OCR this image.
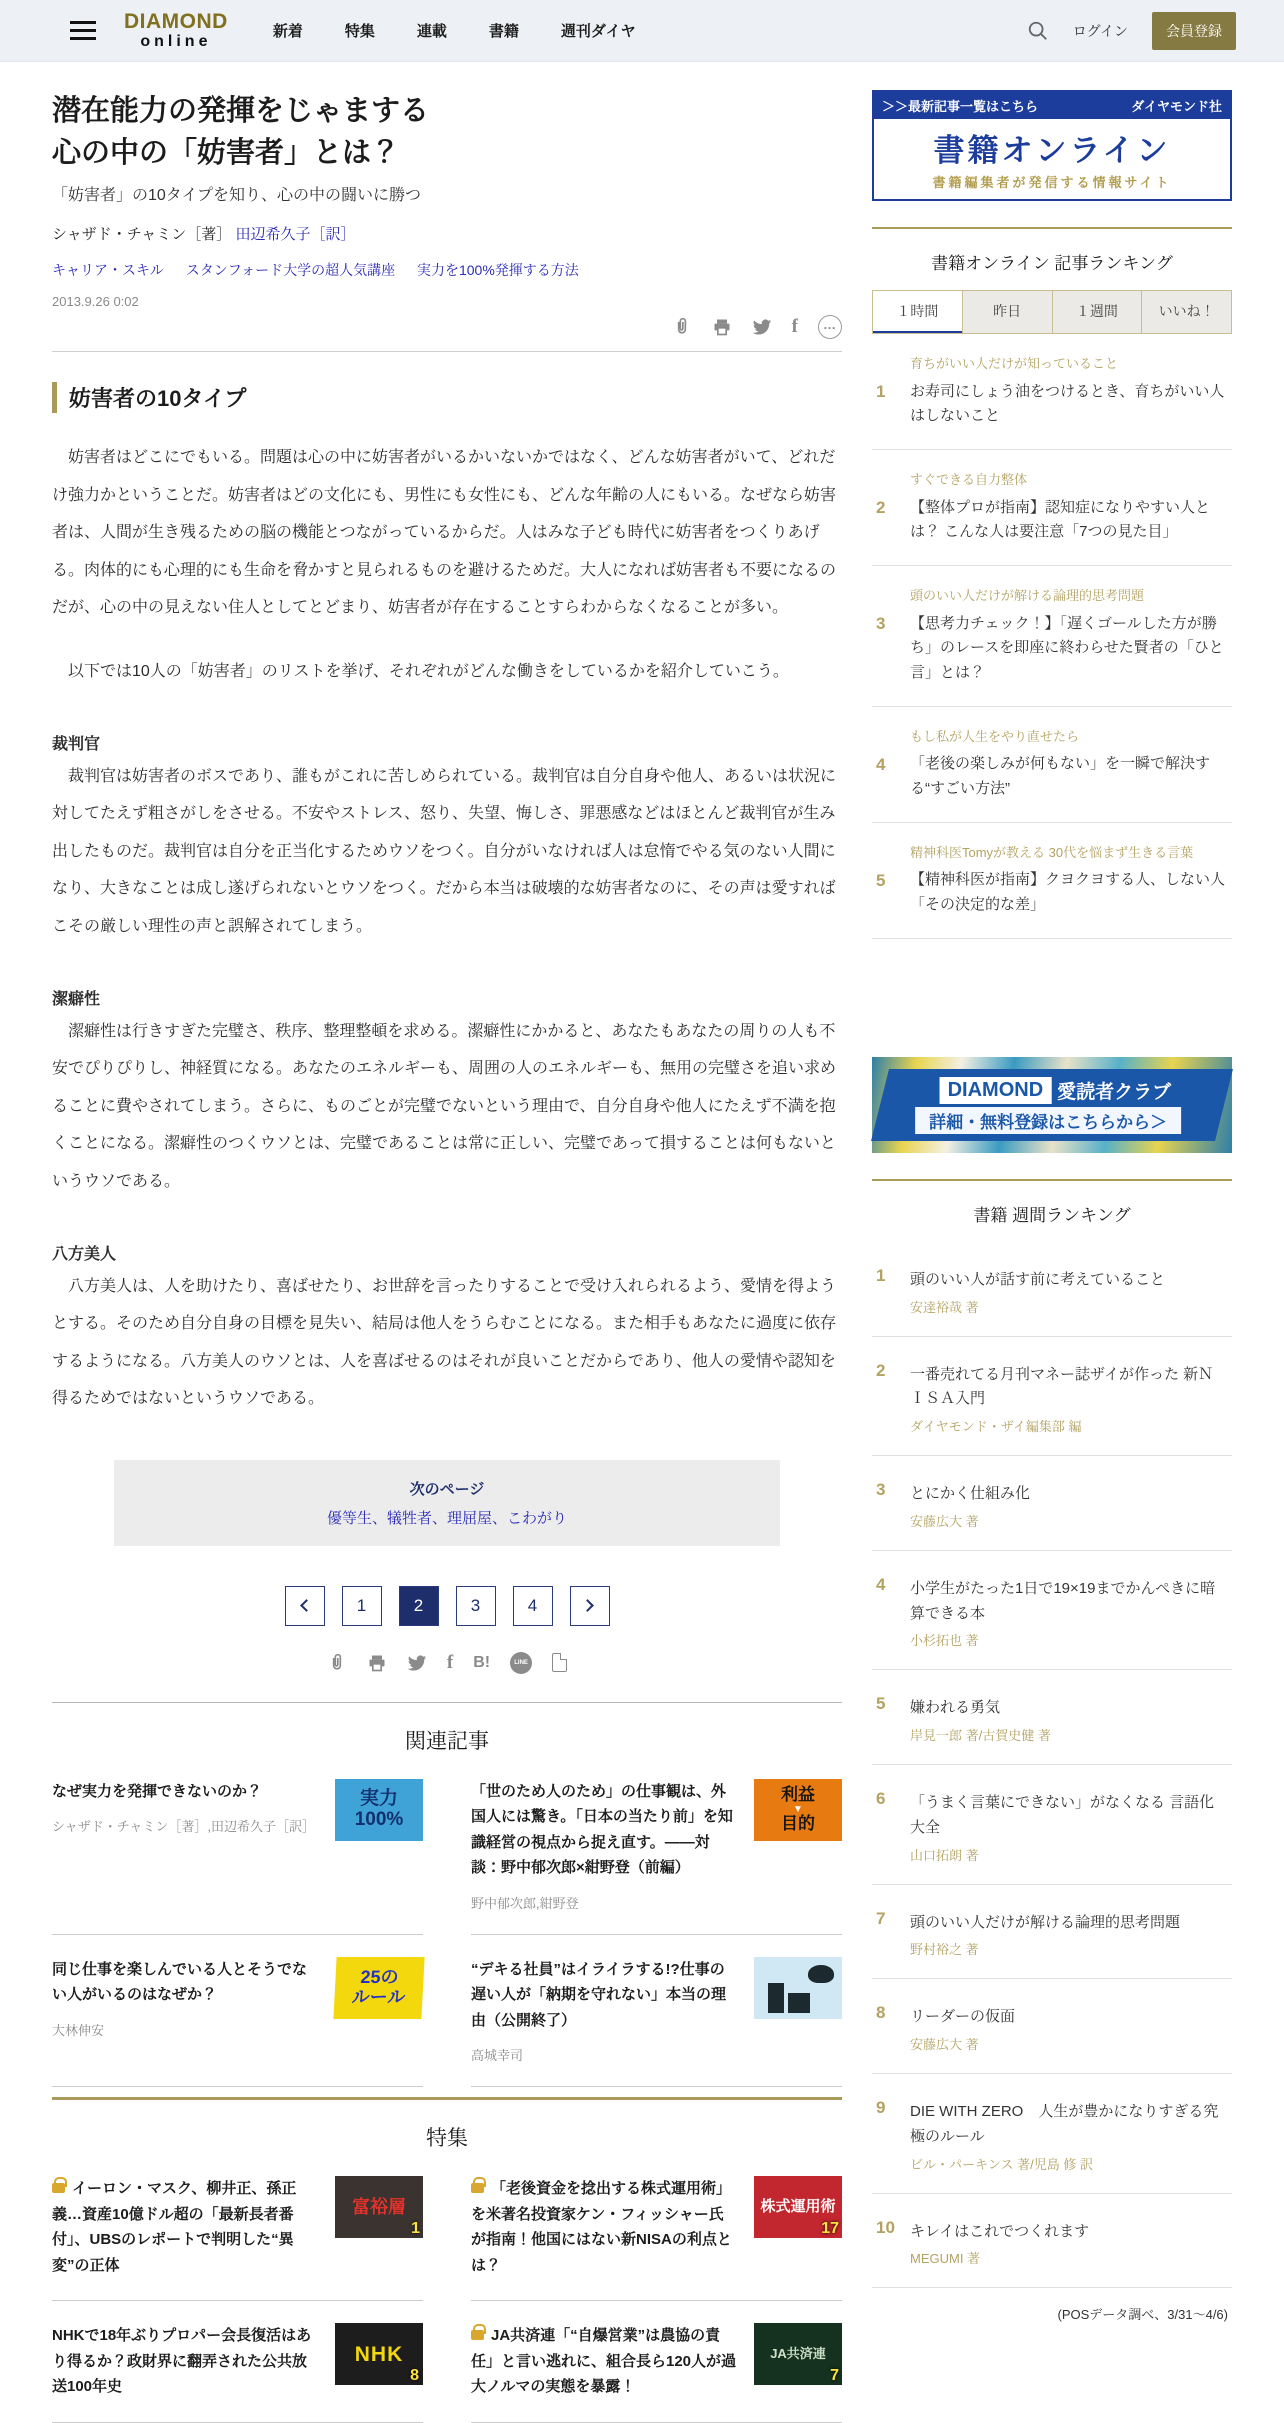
DIAMOND
online
新着	特集	連載	書籍	週刊ダイヤ	ログイン	会員登録
潜在能力の発揮をじゃまする
心の中の「妨害者」とは？

「妨害者」の10タイプを知り、心の中の闘いに勝つ

シャザド・チャミン［著］ 田辺希久子［訳］

キャリア・スキル スタンフォード大学の超人気講座 実力を100%発揮する方法

2013.9.26 0:02

f	…
妨害者の10タイプ

　妨害者はどこにでもいる。問題は心の中に妨害者がいるかいないかではなく、どんな妨害者がいて、どれだけ強力かということだ。妨害者はどの文化にも、男性にも女性にも、どんな年齢の人にもいる。なぜなら妨害者は、人間が生き残るための脳の機能とつながっているからだ。人はみな子ども時代に妨害者をつくりあげる。肉体的にも心理的にも生命を脅かすと見られるものを避けるためだ。大人になれば妨害者も不要になるのだが、心の中の見えない住人としてとどまり、妨害者が存在することすらわからなくなることが多い。

　以下では10人の「妨害者」のリストを挙げ、それぞれがどんな働きをしているかを紹介していこう。

裁判官

　裁判官は妨害者のボスであり、誰もがこれに苦しめられている。裁判官は自分自身や他人、あるいは状況に対してたえず粗さがしをさせる。不安やストレス、怒り、失望、悔しさ、罪悪感などはほとんど裁判官が生み出したものだ。裁判官は自分を正当化するためウソをつく。自分がいなければ人は怠惰でやる気のない人間になり、大きなことは成し遂げられないとウソをつく。だから本当は破壊的な妨害者なのに、その声は愛すればこその厳しい理性の声と誤解されてしまう。

潔癖性

　潔癖性は行きすぎた完璧さ、秩序、整理整頓を求める。潔癖性にかかると、あなたもあなたの周りの人も不安でぴりぴりし、神経質になる。あなたのエネルギーも、周囲の人のエネルギーも、無用の完璧さを追い求めることに費やされてしまう。さらに、ものごとが完璧でないという理由で、自分自身や他人にたえず不満を抱くことになる。潔癖性のつくウソとは、完璧であることは常に正しい、完璧であって損することは何もないというウソである。

八方美人

　八方美人は、人を助けたり、喜ばせたり、お世辞を言ったりすることで受け入れられるよう、愛情を得ようとする。そのため自分自身の目標を見失い、結局は他人をうらむことになる。また相手もあなたに過度に依存するようになる。八方美人のウソとは、人を喜ばせるのはそれが良いことだからであり、他人の愛情や認知を得るためではないというウソである。

次のページ
優等生、犠牲者、理屈屋、こわがり
1	2	3	4
f B!	LINE
関連記事
なぜ実力を発揮できないのか？
シャザド・チャミン［著］,田辺希久子［訳］
実力
100%
「世のため人のため」の仕事観は、外国人には驚き。「日本の当たり前」を知識経営の視点から捉え直す。――対談：野中郁次郎×紺野登（前編）
野中郁次郎,紺野登
利益
▼
目的
同じ仕事を楽しんでいる人とそうでない人がいるのはなぜか？
大林伸安
25の
ルール
“デキる社員”はイライラする!?仕事の遅い人が「納期を守れない」本当の理由（公開終了）
高城幸司
特集
イーロン・マスク、柳井正、孫正義…資産10億ドル超の「最新長者番付」、UBSのレポートで判明した“異変”の正体
富裕層
1
「老後資金を捻出する株式運用術」を米著名投資家ケン・フィッシャー氏が指南！他国にはない新NISAの利点とは？
株式運用術
17
NHKで18年ぶりプロパー会長復活はあり得るか？政財界に翻弄された公共放送100年史
NHK
8
JA共済連「“自爆営業”は農協の責任」と言い逃れに、組合長ら120人が過大ノルマの実態を暴露！
JA共済連
7
＞＞最新記事一覧はこちら	ダイヤモンド社
書籍オンライン
書籍編集者が発信する情報サイト
書籍オンライン 記事ランキング
１時間	昨日	１週間	いいね！
1
育ちがいい人だけが知っていること
お寿司にしょう油をつけるとき、育ちがいい人はしないこと
2
すぐできる自力整体
【整体プロが指南】認知症になりやすい人とは？ こんな人は要注意「7つの見た目」
3
頭のいい人だけが解ける論理的思考問題
【思考力チェック！】「遅くゴールした方が勝ち」のレースを即座に終わらせた賢者の「ひと言」とは？
4
もし私が人生をやり直せたら
「老後の楽しみが何もない」を一瞬で解決する“すごい方法”
5
精神科医Tomyが教える 30代を悩まず生きる言葉
【精神科医が指南】クヨクヨする人、しない人「その決定的な差」
DIAMOND 愛読者クラブ
詳細・無料登録はこちらから＞
書籍 週間ランキング
1	頭のいい人が話す前に考えていること
安達裕哉 著
2	一番売れてる月刊マネー誌ザイが作った 新ＮＩＳＡ入門
ダイヤモンド・ザイ編集部 編
3	とにかく仕組み化
安藤広大 著
4	小学生がたった1日で19×19までかんぺきに暗算できる本
小杉拓也 著
5	嫌われる勇気
岸見一郎 著/古賀史健 著
6	「うまく言葉にできない」がなくなる 言語化大全
山口拓朗 著
7	頭のいい人だけが解ける論理的思考問題
野村裕之 著
8	リーダーの仮面
安藤広大 著
9	DIE WITH ZERO　人生が豊かになりすぎる究極のルール
ビル・パーキンス 著/児島 修 訳
10 キレイはこれでつくれます
MEGUMI 著
(POSデータ調べ、3/31～4/6)
